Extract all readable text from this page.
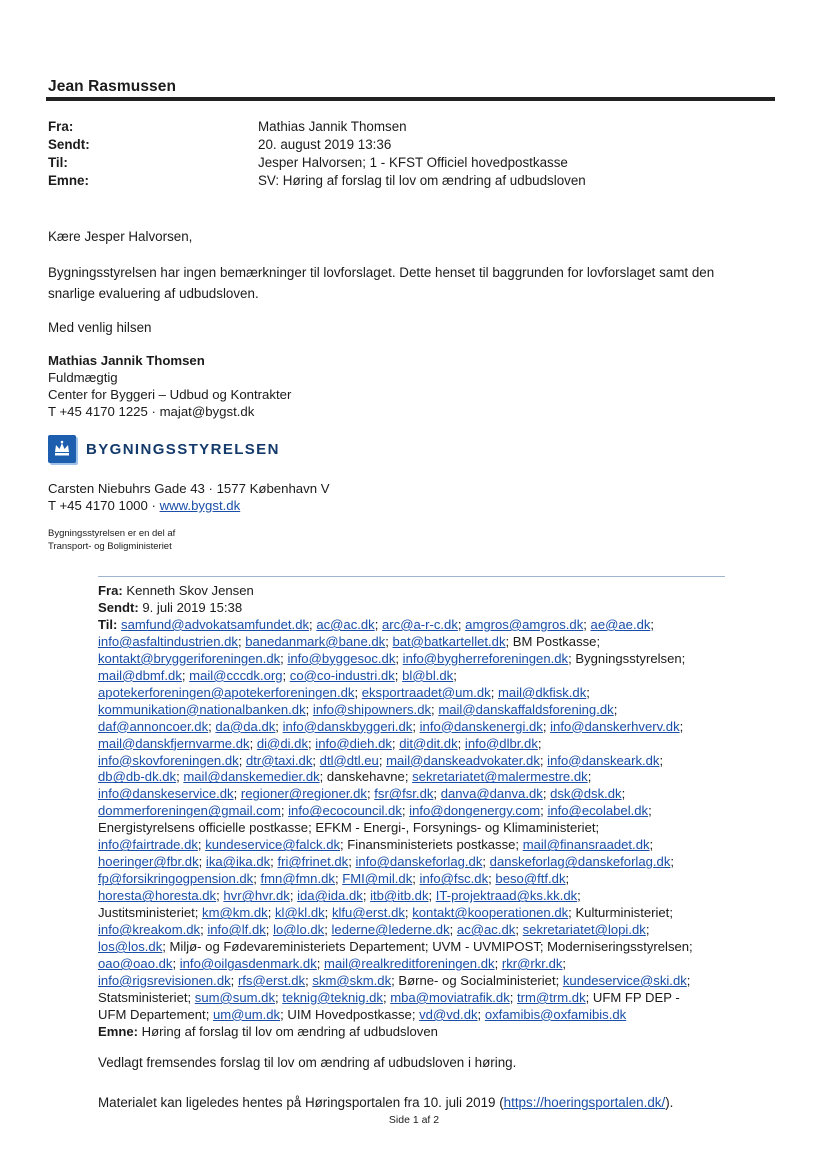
Jean Rasmussen
Fra:	Mathias Jannik Thomsen
Sendt:	20. august 2019 13:36
Til:	Jesper Halvorsen; 1 - KFST Officiel hovedpostkasse
Emne:	SV: Høring af forslag til lov om ændring af udbudsloven
Kære Jesper Halvorsen,
Bygningsstyrelsen har ingen bemærkninger til lovforslaget. Dette henset til baggrunden for lovforslaget samt den
snarlige evaluering af udbudsloven.
Med venlig hilsen
Mathias Jannik Thomsen
Fuldmægtig
Center for Byggeri – Udbud og Kontrakter
T +45 4170 1225 · majat@bygst.dk
BYGNINGSSTYRELSEN
Carsten Niebuhrs Gade 43 · 1577 København V
T +45 4170 1000 · www.bygst.dk
Bygningsstyrelsen er en del af
Transport- og Boligministeriet
Fra: Kenneth Skov Jensen
Sendt: 9. juli 2019 15:38
Til: samfund@advokatsamfundet.dk; ac@ac.dk; arc@a-r-c.dk; amgros@amgros.dk; ae@ae.dk;
info@asfaltindustrien.dk; banedanmark@bane.dk; bat@batkartellet.dk; BM Postkasse;
kontakt@bryggeriforeningen.dk; info@byggesoc.dk; info@bygherreforeningen.dk; Bygningsstyrelsen;
mail@dbmf.dk; mail@cccdk.org; co@co-industri.dk; bl@bl.dk;
apotekerforeningen@apotekerforeningen.dk; eksportraadet@um.dk; mail@dkfisk.dk;
kommunikation@nationalbanken.dk; info@shipowners.dk; mail@danskaffaldsforening.dk;
daf@annoncoer.dk; da@da.dk; info@danskbyggeri.dk; info@danskenergi.dk; info@danskerhverv.dk;
mail@danskfjernvarme.dk; di@di.dk; info@dieh.dk; dit@dit.dk; info@dlbr.dk;
info@skovforeningen.dk; dtr@taxi.dk; dtl@dtl.eu; mail@danskeadvokater.dk; info@danskeark.dk;
db@db-dk.dk; mail@danskemedier.dk; danskehavne; sekretariatet@malermestre.dk;
info@danskeservice.dk; regioner@regioner.dk; fsr@fsr.dk; danva@danva.dk; dsk@dsk.dk;
dommerforeningen@gmail.com; info@ecocouncil.dk; info@dongenergy.com; info@ecolabel.dk;
Energistyrelsens officielle postkasse; EFKM - Energi-, Forsynings- og Klimaministeriet;
info@fairtrade.dk; kundeservice@falck.dk; Finansministeriets postkasse; mail@finansraadet.dk;
hoeringer@fbr.dk; ika@ika.dk; fri@frinet.dk; info@danskeforlag.dk; danskeforlag@danskeforlag.dk;
fp@forsikringogpension.dk; fmn@fmn.dk; FMI@mil.dk; info@fsc.dk; beso@ftf.dk;
horesta@horesta.dk; hvr@hvr.dk; ida@ida.dk; itb@itb.dk; IT-projektraad@ks.kk.dk;
Justitsministeriet; km@km.dk; kl@kl.dk; klfu@erst.dk; kontakt@kooperationen.dk; Kulturministeriet;
info@kreakom.dk; info@lf.dk; lo@lo.dk; lederne@lederne.dk; ac@ac.dk; sekretariatet@lopi.dk;
los@los.dk; Miljø- og Fødevareministeriets Departement; UVM - UVMIPOST; Moderniseringsstyrelsen;
oao@oao.dk; info@oilgasdenmark.dk; mail@realkreditforeningen.dk; rkr@rkr.dk;
info@rigsrevisionen.dk; rfs@erst.dk; skm@skm.dk; Børne- og Socialministeriet; kundeservice@ski.dk;
Statsministeriet; sum@sum.dk; teknig@teknig.dk; mba@moviatrafik.dk; trm@trm.dk; UFM FP DEP -
UFM Departement; um@um.dk; UIM Hovedpostkasse; vd@vd.dk; oxfamibis@oxfamibis.dk
Emne: Høring af forslag til lov om ændring af udbudsloven
Vedlagt fremsendes forslag til lov om ændring af udbudsloven i høring.
Materialet kan ligeledes hentes på Høringsportalen fra 10. juli 2019 (https://hoeringsportalen.dk/).
Side 1 af 2
